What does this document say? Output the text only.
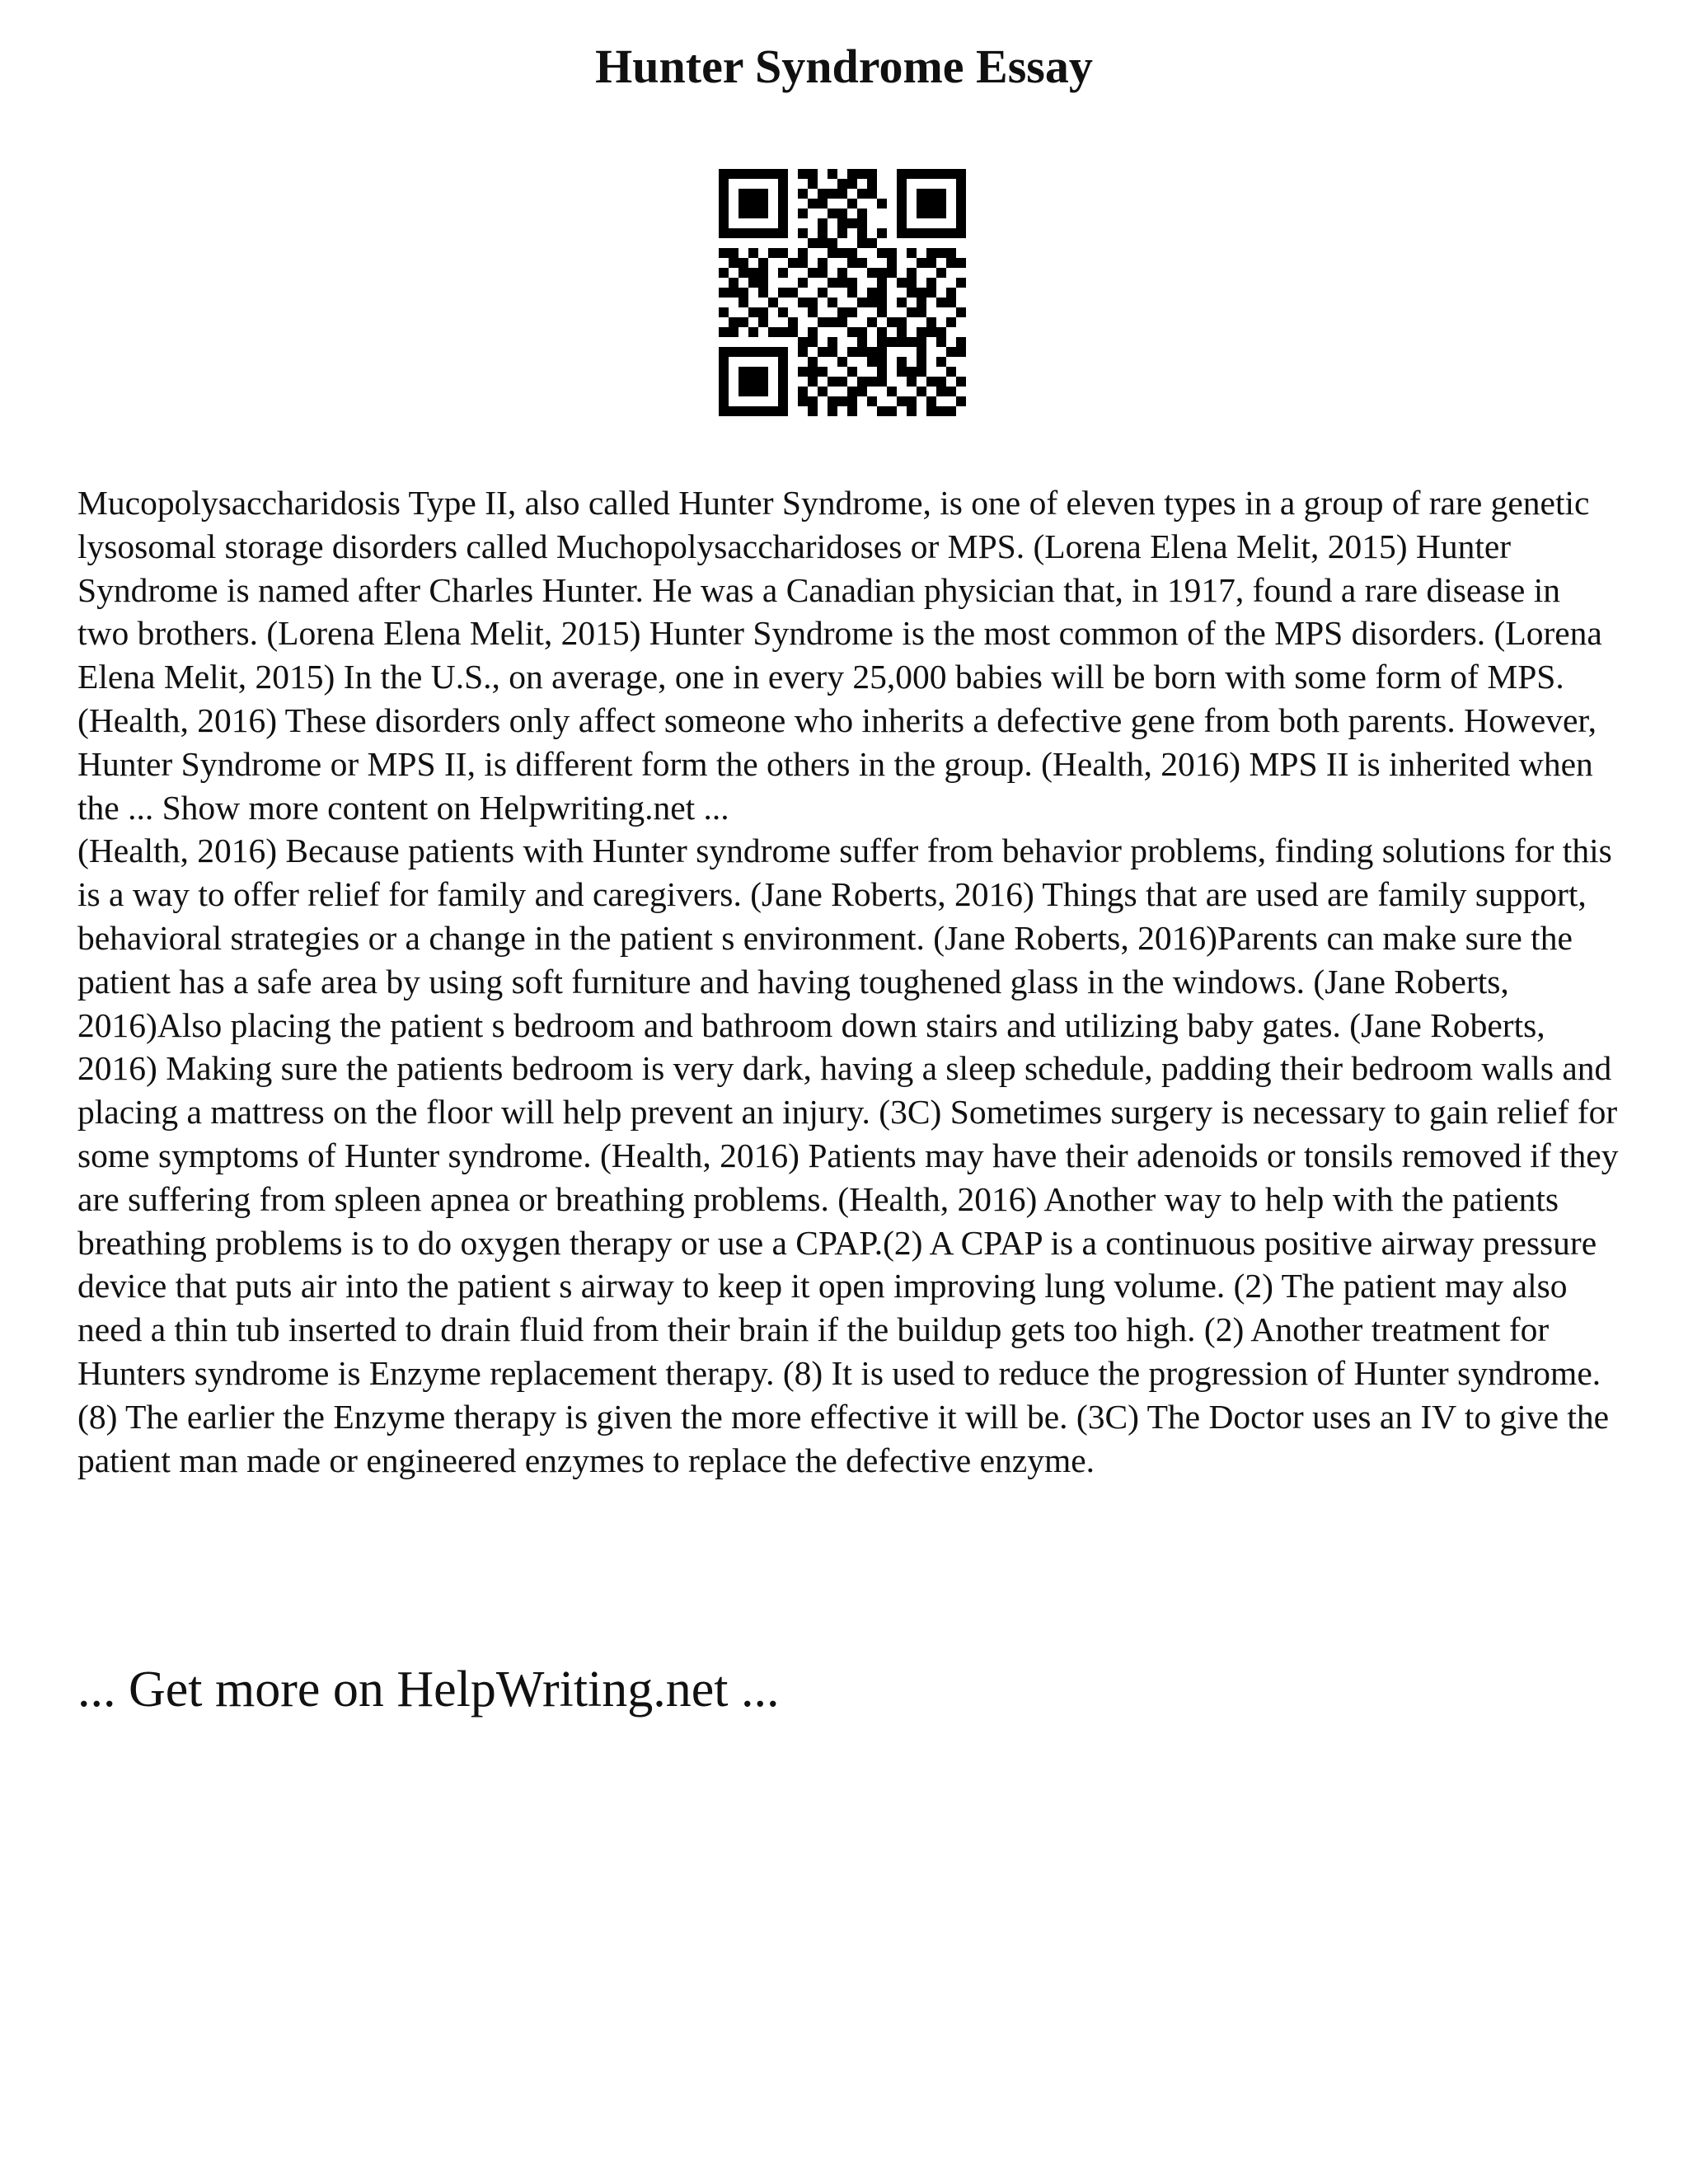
Hunter Syndrome Essay

Mucopolysaccharidosis Type II, also called Hunter Syndrome, is one of eleven types in a group of rare genetic lysosomal storage disorders called Muchopolysaccharidoses or MPS. (Lorena Elena Melit, 2015) Hunter Syndrome is named after Charles Hunter. He was a Canadian physician that, in 1917, found a rare disease in two brothers. (Lorena Elena Melit, 2015) Hunter Syndrome is the most common of the MPS disorders. (Lorena Elena Melit, 2015) In the U.S., on average, one in every 25,000 babies will be born with some form of MPS. (Health, 2016) These disorders only affect someone who inherits a defective gene from both parents. However, Hunter Syndrome or MPS II, is different form the others in the group. (Health, 2016) MPS II is inherited when the ... Show more content on Helpwriting.net ...

(Health, 2016) Because patients with Hunter syndrome suffer from behavior problems, finding solutions for this is a way to offer relief for family and caregivers. (Jane Roberts, 2016) Things that are used are family support, behavioral strategies or a change in the patient s environment. (Jane Roberts, 2016)Parents can make sure the patient has a safe area by using soft furniture and having toughened glass in the windows. (Jane Roberts, 2016)Also placing the patient s bedroom and bathroom down stairs and utilizing baby gates. (Jane Roberts, 2016) Making sure the patients bedroom is very dark, having a sleep schedule, padding their bedroom walls and placing a mattress on the floor will help prevent an injury. (3C) Sometimes surgery is necessary to gain relief for some symptoms of Hunter syndrome. (Health, 2016) Patients may have their adenoids or tonsils removed if they are suffering from spleen apnea or breathing problems. (Health, 2016) Another way to help with the patients breathing problems is to do oxygen therapy or use a CPAP.(2) A CPAP is a continuous positive airway pressure device that puts air into the patient s airway to keep it open improving lung volume. (2) The patient may also need a thin tub inserted to drain fluid from their brain if the buildup gets too high. (2) Another treatment for Hunters syndrome is Enzyme replacement therapy. (8) It is used to reduce the progression of Hunter syndrome. (8) The earlier the Enzyme therapy is given the more effective it will be. (3C) The Doctor uses an IV to give the patient man made or engineered enzymes to replace the defective enzyme.

... Get more on HelpWriting.net ...
